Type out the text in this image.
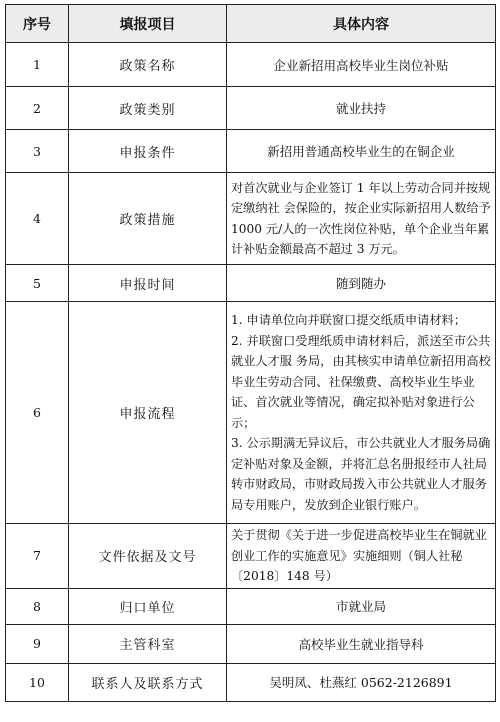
序号	填报项目	具体内容
1	政策名称	企业新招用高校毕业生岗位补贴
2	政策类别	就业扶持
3	申报条件	新招用普通高校毕业生的在铜企业
4	政策措施	对首次就业与企业签订 1 年以上劳动合同并按规定缴纳社 会保险的，按企业实际新招用人数给予 1000 元/人的一次性岗位补贴，单个企业当年累计补贴金额最高不超过 3 万元。

5	申报时间	随到随办
6	申报流程	1. 申请单位向并联窗口提交纸质申请材料；

2. 并联窗口受理纸质申请材料后，派送至市公共就业人才服 务局，由其核实申请单位新招用高校毕业生劳动合同、社保缴费、高校毕业生毕业证、首次就业等情况，确定拟补贴对象进行公示；

3. 公示期满无异议后，市公共就业人才服务局确定补贴对象及金额，并将汇总名册报经市人社局转市财政局，市财政局拨入市公共就业人才服务局专用账户，发放到企业银行账户。

7	文件依据及文号	关于贯彻《关于进一步促进高校毕业生在铜就业创业工作的实施意见》实施细则（铜人社秘〔2018〕148 号）

8	归口单位	市就业局
9	主管科室	高校毕业生就业指导科
10	联系人及联系方式	吴明凤、杜燕红 0562-2126891
